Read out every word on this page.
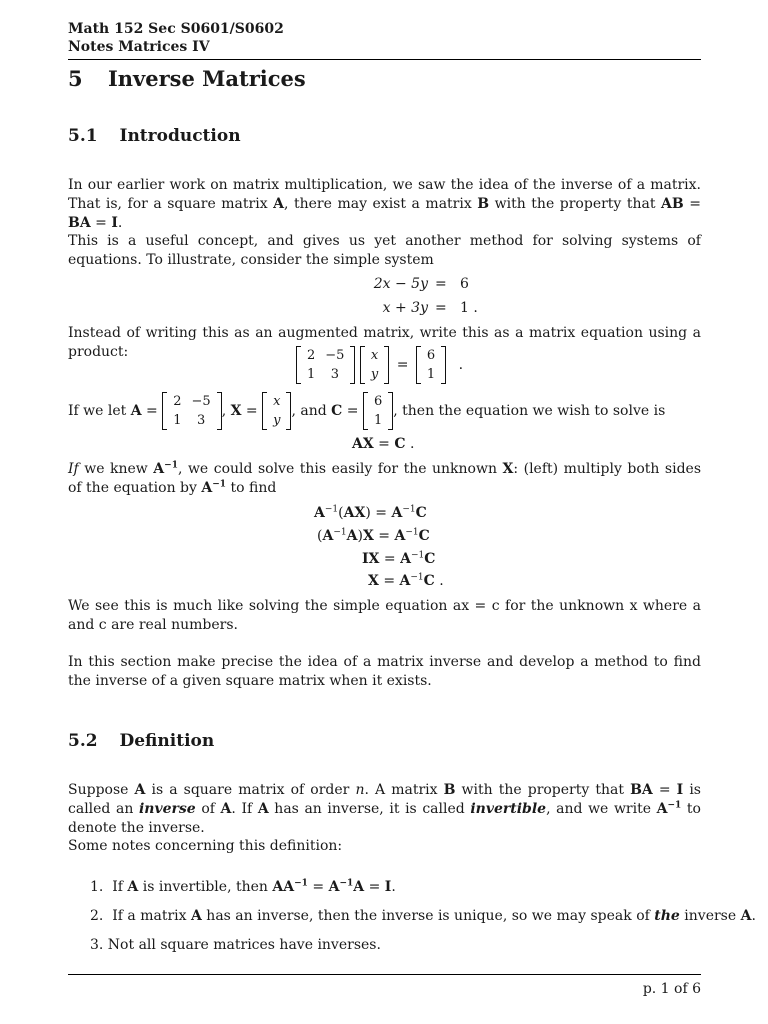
Math 152 Sec S0601/S0602
Notes Matrices IV
5 Inverse Matrices
5.1 Introduction
In our earlier work on matrix multiplication, we saw the idea of the inverse of a matrix. That is, for a square matrix A, there may exist a matrix B with the property that AB = BA = I.
This is a useful concept, and gives us yet another method for solving systems of equations. To illustrate, consider the simple system
2x − 5y = 6
x + 3y = 1 .
Instead of writing this as an augmented matrix, write this as a matrix equation using a product:	2	−5
1	3

x
y
=
6
1
.
If we let A =
2	−5
1	3
, X =
x
y
, and C =
6
1
, then the equation we wish to solve is
AX = C .
If we knew $A^{-1}$, we could solve this easily for the unknown X: (left) multiply both sides of the equation by $A^{-1}$ to find
$A^{-1}(AX) = A^{-1}C$
$(A^{-1}A)X = A^{-1}C$
IX = $A^{-1}C$
$X = A^{-1}C$ .
We see this is much like solving the simple equation ax = c for the unknown x where a and c are real numbers.
In this section make precise the idea of a matrix inverse and develop a method to find the inverse of a given square matrix when it exists.
5.2 Definition
Suppose A is a square matrix of order n. A matrix B with the property that BA = I is called an inverse of A. If A has an inverse, it is called invertible, and we write $A^{-1}$ to denote the inverse.
Some notes concerning this definition:
1.  If A is invertible, then $AA^{-1} = A^{-1}A = I$.
2.  If a matrix A has an inverse, then the inverse is unique, so we may speak of the inverse A.
3. Not all square matrices have inverses.
p. 1 of 6
